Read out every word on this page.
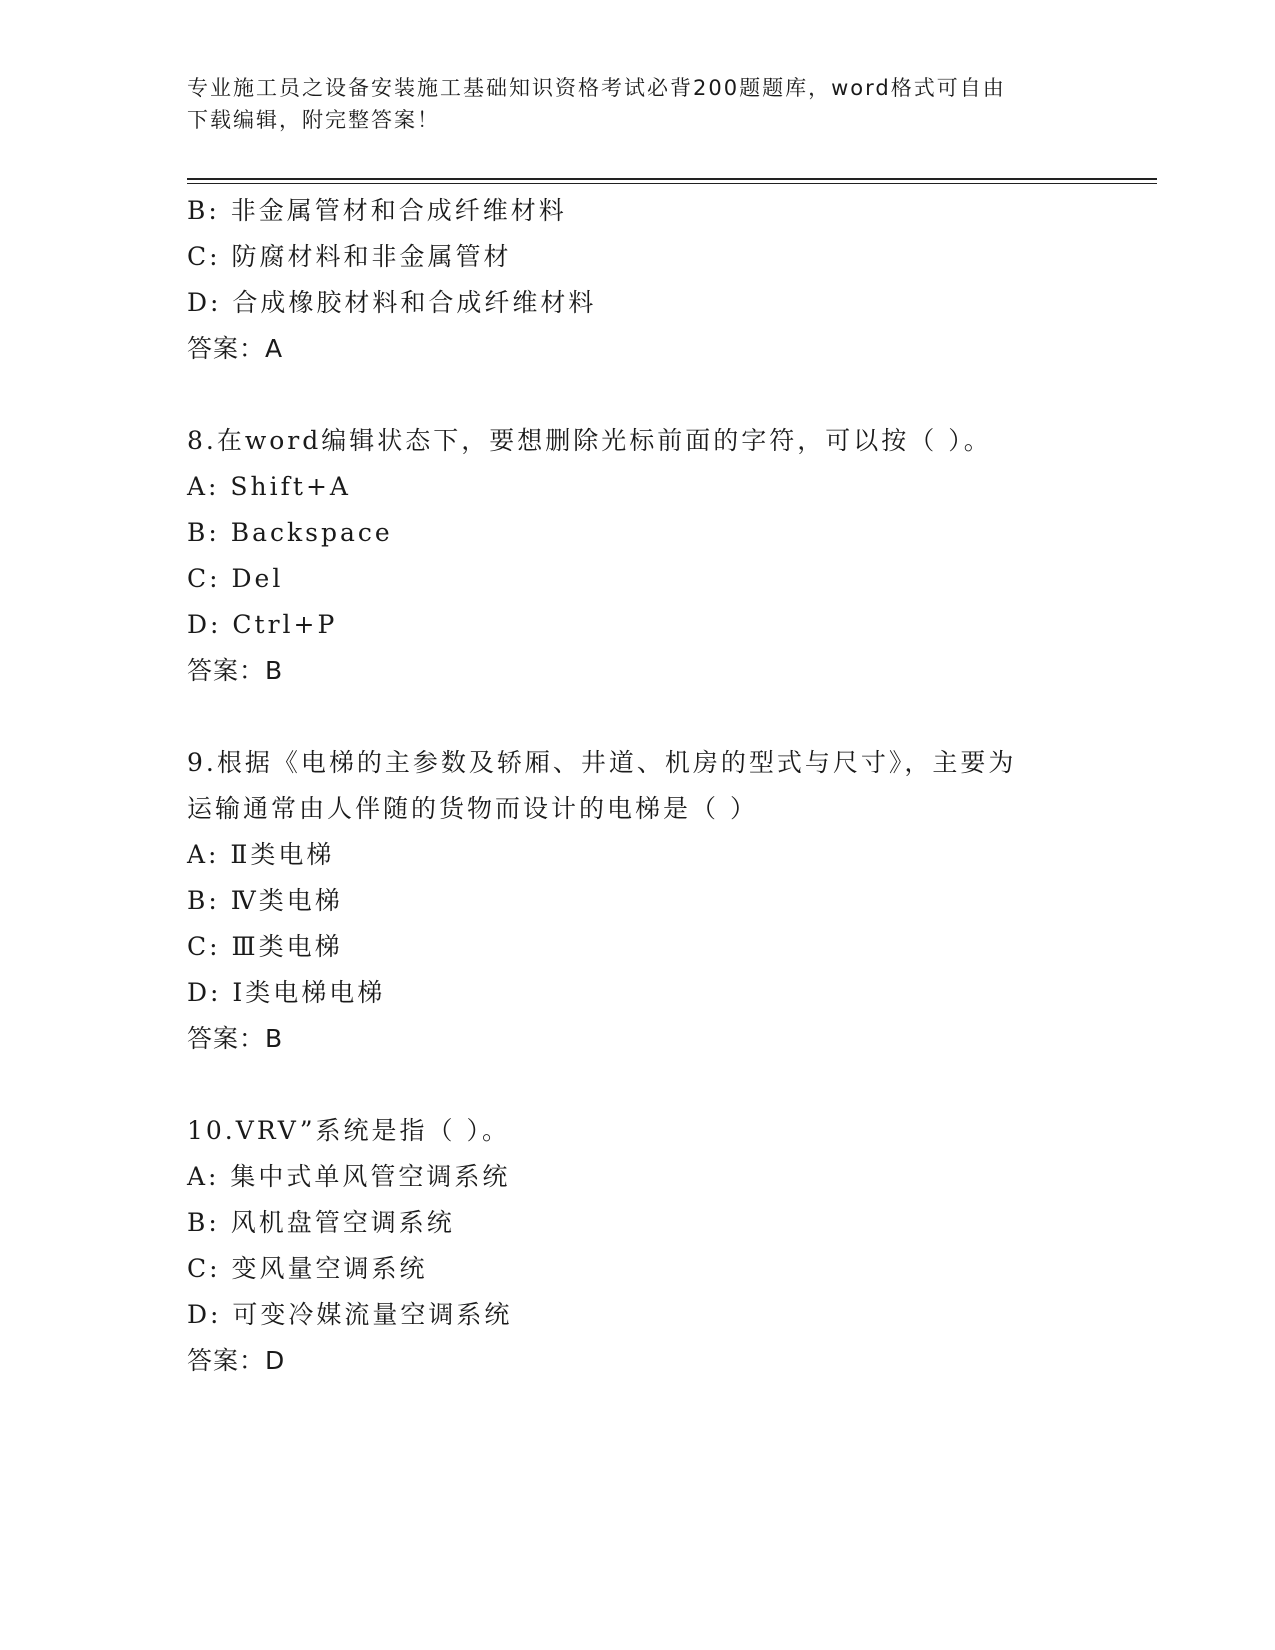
专业施工员之设备安装施工基础知识资格考试必背200题题库，word格式可自由
下载编辑，附完整答案！
B: 非金属管材和合成纤维材料
C: 防腐材料和非金属管材
D: 合成橡胶材料和合成纤维材料
答案：A
8.在word编辑状态下，要想删除光标前面的字符，可以按（ ）。
A: Shift+A
B: Backspace
C: Del
D: Ctrl+P
答案：B
9.根据《电梯的主参数及轿厢、井道、机房的型式与尺寸》，主要为
运输通常由人伴随的货物而设计的电梯是（ ）
A: Ⅱ类电梯
B: Ⅳ类电梯
C: Ⅲ类电梯
D: Ⅰ类电梯电梯
答案：B
10.VRV”系统是指（ ）。
A: 集中式单风管空调系统
B: 风机盘管空调系统
C: 变风量空调系统
D: 可变冷媒流量空调系统
答案：D
